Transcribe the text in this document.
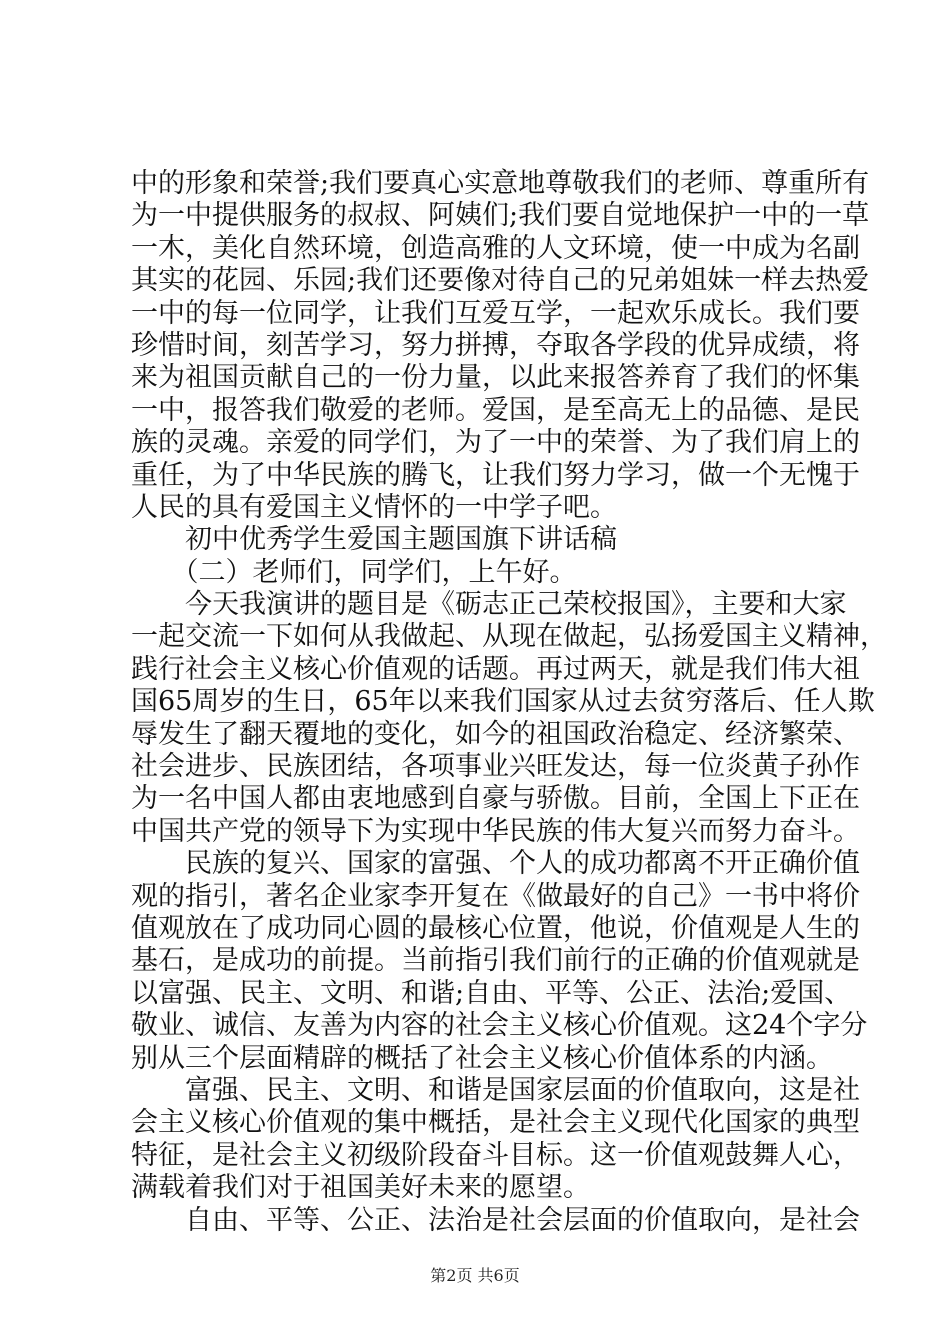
中的形象和荣誉;我们要真心实意地尊敬我们的老师、尊重所有
为一中提供服务的叔叔、阿姨们;我们要自觉地保护一中的一草
一木，美化自然环境，创造高雅的人文环境，使一中成为名副
其实的花园、乐园;我们还要像对待自己的兄弟姐妹一样去热爱
一中的每一位同学，让我们互爱互学，一起欢乐成长。我们要
珍惜时间，刻苦学习，努力拼搏，夺取各学段的优异成绩，将
来为祖国贡献自己的一份力量，以此来报答养育了我们的怀集
一中，报答我们敬爱的老师。爱国，是至高无上的品德、是民
族的灵魂。亲爱的同学们，为了一中的荣誉、为了我们肩上的
重任，为了中华民族的腾飞，让我们努力学习，做一个无愧于
人民的具有爱国主义情怀的一中学子吧。
　　初中优秀学生爱国主题国旗下讲话稿
　　（二）老师们，同学们，上午好。
　　今天我演讲的题目是《砺志正己荣校报国》，主要和大家
一起交流一下如何从我做起、从现在做起，弘扬爱国主义精神，
践行社会主义核心价值观的话题。再过两天，就是我们伟大祖
国65周岁的生日，65年以来我们国家从过去贫穷落后、任人欺
辱发生了翻天覆地的变化，如今的祖国政治稳定、经济繁荣、
社会进步、民族团结，各项事业兴旺发达，每一位炎黄子孙作
为一名中国人都由衷地感到自豪与骄傲。目前，全国上下正在
中国共产党的领导下为实现中华民族的伟大复兴而努力奋斗。
　　民族的复兴、国家的富强、个人的成功都离不开正确价值
观的指引，著名企业家李开复在《做最好的自己》一书中将价
值观放在了成功同心圆的最核心位置，他说，价值观是人生的
基石，是成功的前提。当前指引我们前行的正确的价值观就是
以富强、民主、文明、和谐;自由、平等、公正、法治;爱国、
敬业、诚信、友善为内容的社会主义核心价值观。这24个字分
别从三个层面精辟的概括了社会主义核心价值体系的内涵。
　　富强、民主、文明、和谐是国家层面的价值取向，这是社
会主义核心价值观的集中概括，是社会主义现代化国家的典型
特征，是社会主义初级阶段奋斗目标。这一价值观鼓舞人心，
满载着我们对于祖国美好未来的愿望。
　　自由、平等、公正、法治是社会层面的价值取向，是社会
第2页 共6页
